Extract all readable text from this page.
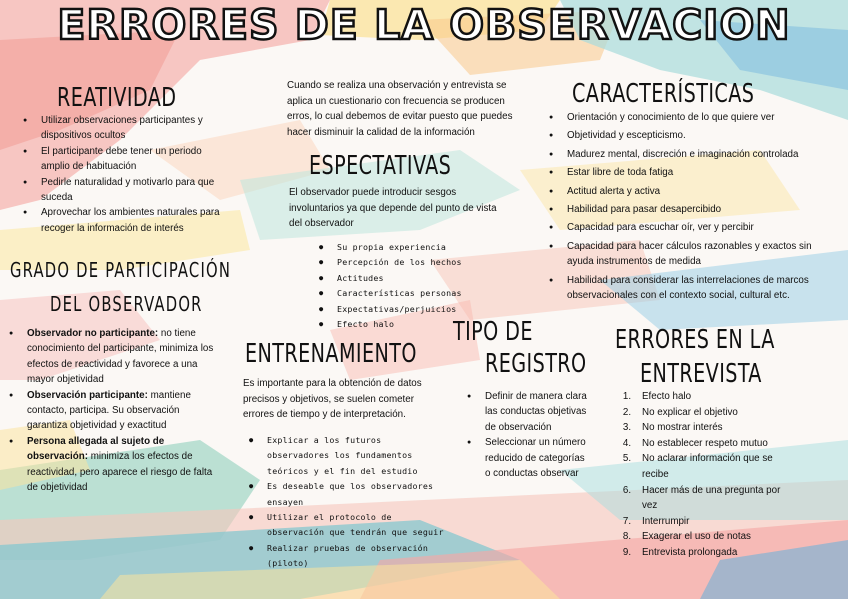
ERRORES DE LA OBSERVACION
REATIVIDAD
● Utilizar observaciones participantes y dispositivos ocultos
● El participante debe tener un periodo amplio de habituación
● Pedirle naturalidad y motivarlo para que suceda
● Aprovechar los ambientes naturales para recoger la información de interés
GRADO DE PARTICIPACIÓN
DEL OBSERVADOR
● Observador no participante: no tiene conocimiento del participante, minimiza los efectos de reactividad y favorece a una mayor objetividad
● Observación participante: mantiene contacto, participa. Su observación garantiza objetividad y exactitud
● Persona allegada al sujeto de observación: minimiza los efectos de reactividad, pero aparece el riesgo de falta de objetividad
Cuando se realiza una observación y entrevista se aplica un cuestionario con frecuencia se producen erros, lo cual debemos de evitar puesto que puedes hacer disminuir la calidad de la información
ESPECTATIVAS
El observador puede introducir sesgos involuntarios ya que depende del punto de vista del observador
● Su propia experiencia
● Percepción de los hechos
● Actitudes
● Características personas
● Expectativas/perjuicios
● Efecto halo
ENTRENAMIENTO
Es importante para la obtención de datos precisos y objetivos, se suelen cometer errores de tiempo y de interpretación.
● Explicar a los futuros observadores los fundamentos teóricos y el fin del estudio
● Es deseable que los observadores ensayen
● Utilizar el protocolo de observación que tendrán que seguir
● Realizar pruebas de observación (piloto)
TIPO DE
REGISTRO
● Definir de manera clara las conductas objetivas de observación
● Seleccionar un número reducido de categorías o conductas observar
CARACTERÍSTICAS
● Orientación y conocimiento de lo que quiere ver
● Objetividad y escepticismo.
● Madurez mental, discreción e imaginación controlada
● Estar libre de toda fatiga
● Actitud alerta y activa
● Habilidad para pasar desapercibido
● Capacidad para escuchar oír, ver y percibir
● Capacidad para hacer cálculos razonables y exactos sin ayuda instrumentos de medida
● Habilidad para considerar las interrelaciones de marcos observacionales con el contexto social, cultural etc.
ERRORES EN LA
ENTREVISTA
1. Efecto halo
2. No explicar el objetivo
3. No mostrar interés
4. No establecer respeto mutuo
5. No aclarar información que se recibe
6. Hacer más de una pregunta por vez
7. Interrumpir
8. Exagerar el uso de notas
9. Entrevista prolongada
